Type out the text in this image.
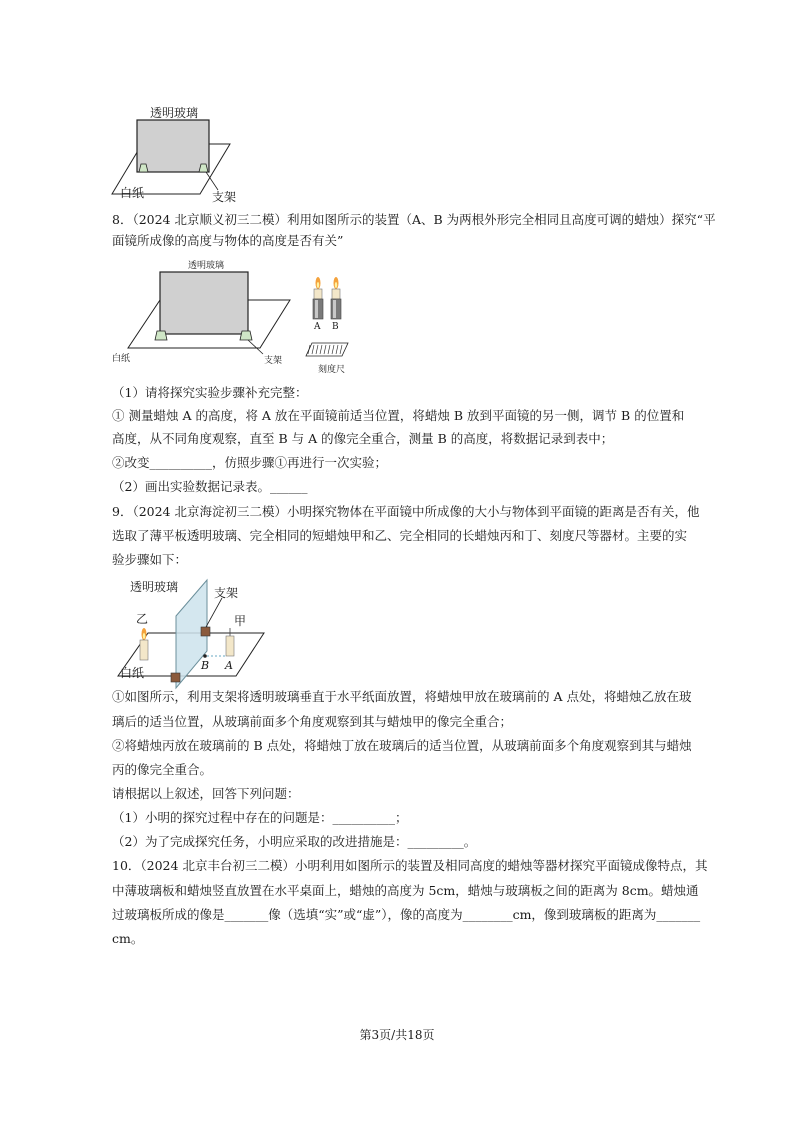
透明玻璃
白纸	支架
8．（2024 北京顺义初三二模）利用如图所示的装置（A、B 为两根外形完全相同且高度可调的蜡烛）探究“平
面镜所成像的高度与物体的高度是否有关”
透明玻璃
白纸	支架
A B
刻度尺
（1）请将探究实验步骤补充完整：
① 测量蜡烛 A 的高度，将 A 放在平面镜前适当位置，将蜡烛 B 放到平面镜的另一侧，调节 B 的位置和
高度，从不同角度观察，直至 B 与 A 的像完全重合，测量 B 的高度，将数据记录到表中；
②改变__________，仿照步骤①再进行一次实验；
（2）画出实验数据记录表。______
9．（2024 北京海淀初三二模）小明探究物体在平面镜中所成像的大小与物体到平面镜的距离是否有关，他
选取了薄平板透明玻璃、完全相同的短蜡烛甲和乙、完全相同的长蜡烛丙和丁、刻度尺等器材。主要的实
验步骤如下：
透明玻璃	支架
乙	甲
白纸
B A
①如图所示，利用支架将透明玻璃垂直于水平纸面放置，将蜡烛甲放在玻璃前的 A 点处，将蜡烛乙放在玻
璃后的适当位置，从玻璃前面多个角度观察到其与蜡烛甲的像完全重合；
②将蜡烛丙放在玻璃前的 B 点处，将蜡烛丁放在玻璃后的适当位置，从玻璃前面多个角度观察到其与蜡烛
丙的像完全重合。
请根据以上叙述，回答下列问题：
（1）小明的探究过程中存在的问题是：__________；
（2）为了完成探究任务，小明应采取的改进措施是：_________。
10．（2024 北京丰台初三二模）小明利用如图所示的装置及相同高度的蜡烛等器材探究平面镜成像特点，其
中薄玻璃板和蜡烛竖直放置在水平桌面上，蜡烛的高度为 5cm，蜡烛与玻璃板之间的距离为 8cm。蜡烛通
过玻璃板所成的像是_______像（选填“实”或“虚”），像的高度为________cm，像到玻璃板的距离为_______
cm。
第3页/共18页
